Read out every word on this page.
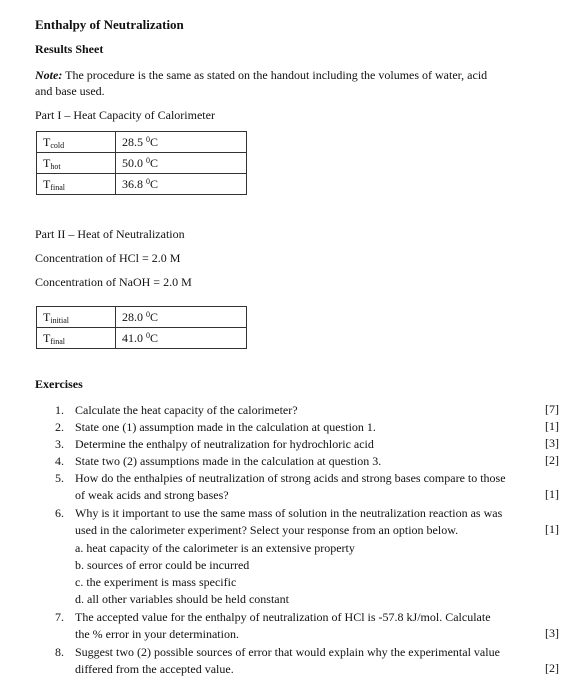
Enthalpy of Neutralization
Results Sheet
Note: The procedure is the same as stated on the handout including the volumes of water, acid
and base used.
Part I – Heat Capacity of Calorimeter
Tcold	28.5 $^0$C
Thot	50.0 $^0$C
Tfinal	36.8 $^0$C
Part II – Heat of Neutralization
Concentration of HCl = 2.0 M
Concentration of NaOH = 2.0 M
Tinitial	28.0 $^0$C
Tfinal	41.0 $^0$C
Exercises
1. Calculate the heat capacity of the calorimeter?	[7]
2. State one (1) assumption made in the calculation at question 1.	[1]
3. Determine the enthalpy of neutralization for hydrochloric acid	[3]
4. State two (2) assumptions made in the calculation at question 3.	[2]
5. How do the enthalpies of neutralization of strong acids and strong bases compare to those
of weak acids and strong bases?	[1]
6. Why is it important to use the same mass of solution in the neutralization reaction as was
used in the calorimeter experiment? Select your response from an option below.	[1]
a. heat capacity of the calorimeter is an extensive property
b. sources of error could be incurred
c. the experiment is mass specific
d. all other variables should be held constant
7. The accepted value for the enthalpy of neutralization of HCl is -57.8 kJ/mol. Calculate
the % error in your determination.	[3]
8. Suggest two (2) possible sources of error that would explain why the experimental value
differed from the accepted value.	[2]
